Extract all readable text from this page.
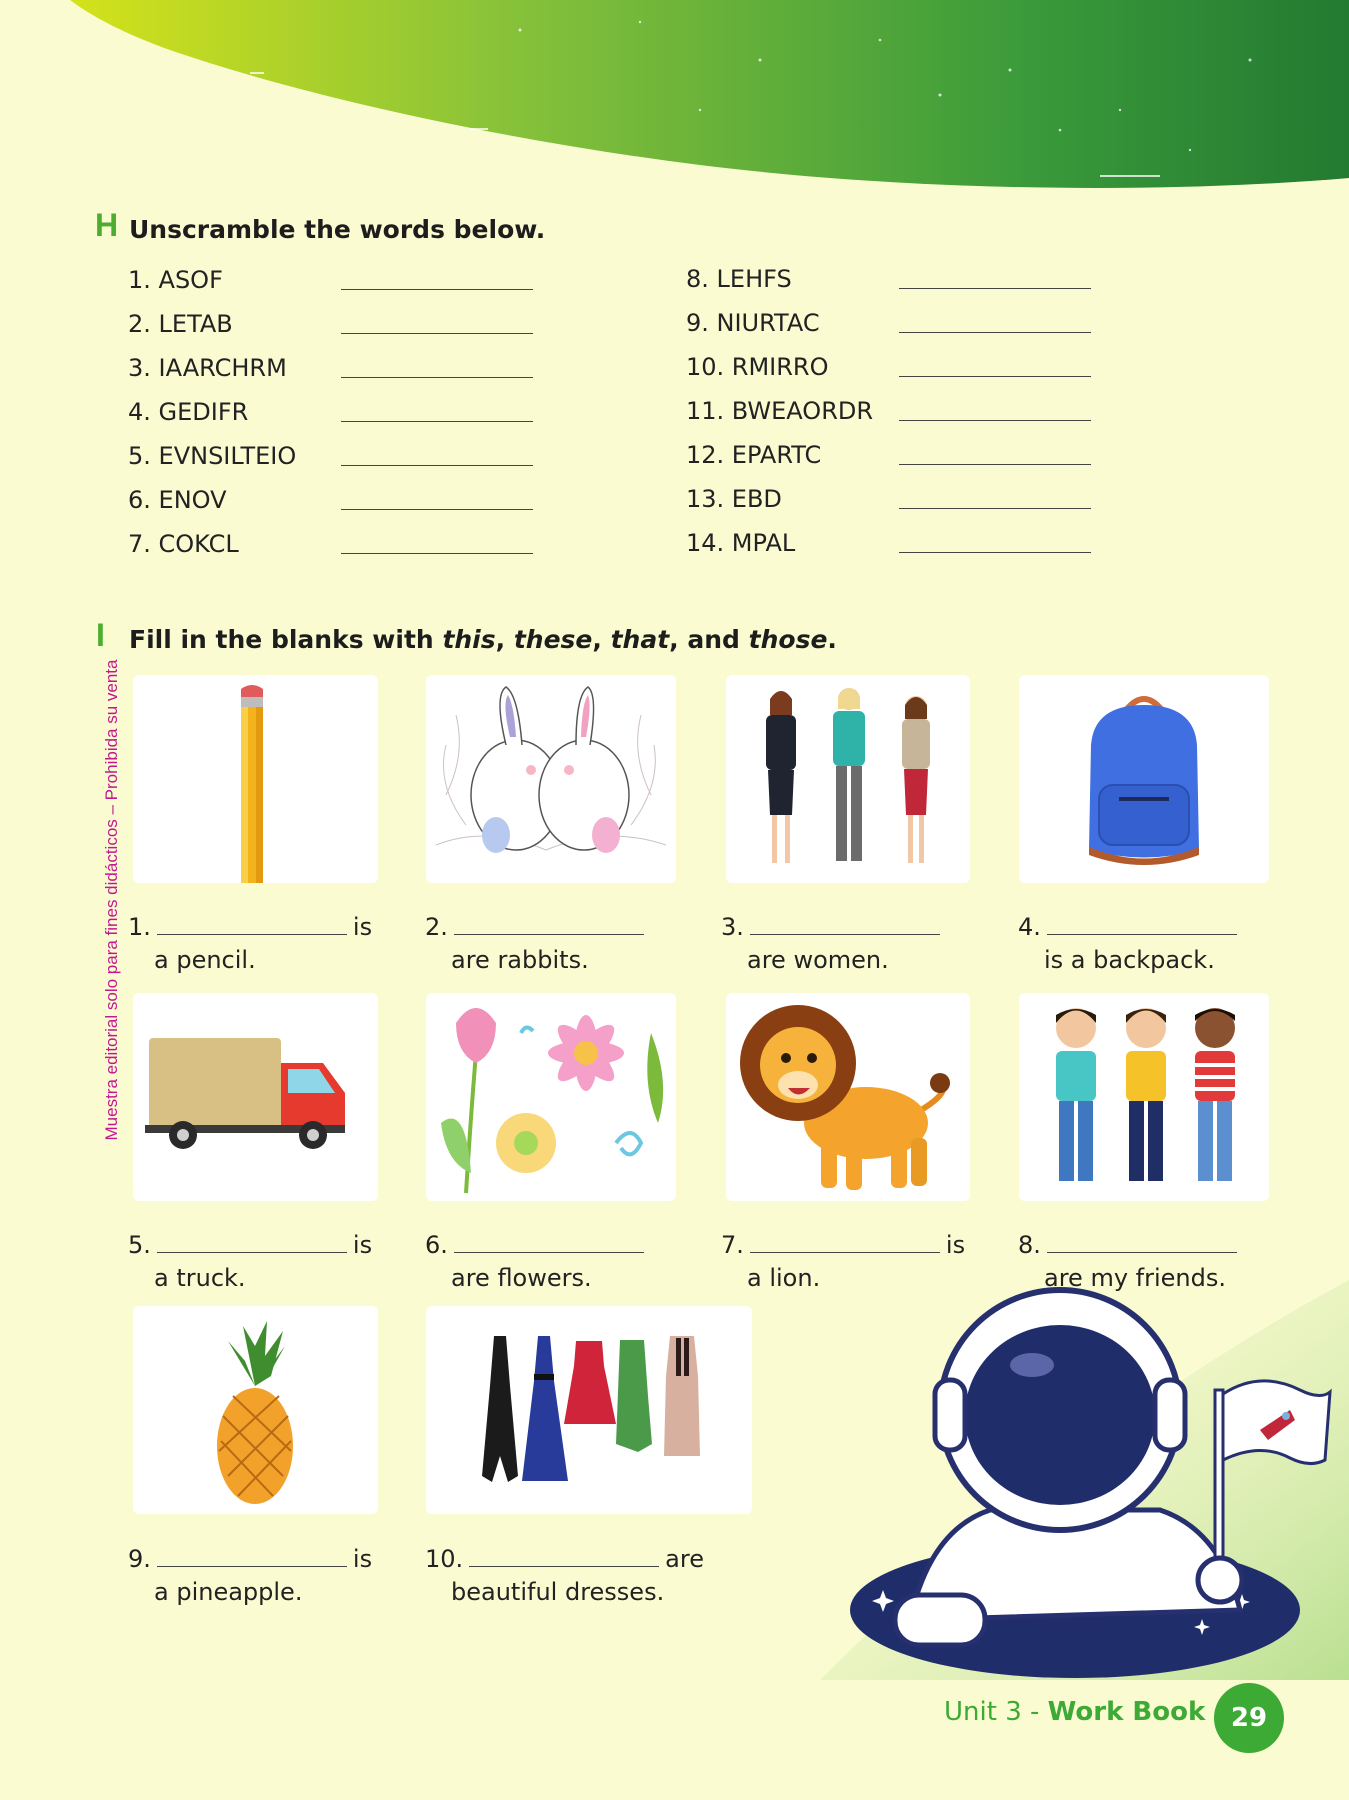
Muestra editorial solo para fines didácticos – Prohibida su venta
H Unscramble the words below.
1. ASOF
2. LETAB
3. IAARCHRM
4. GEDIFR
5. EVNSILTEIO
6. ENOV
7. COKCL
8. LEHFS
9. NIURTAC
10. RMIRRO
11. BWEAORDR
12. EPARTC
13. EBD
14. MPAL
I Fill in the blanks with this, these, that, and those.
1.	is
a pencil.
2.
are rabbits.
3.
are women.
4.
is a backpack.
5.	is
a truck.
6.
are flowers.
7.	is
a lion.
8.
are my friends.
9.	is
a pineapple.
10.	are
beautiful dresses.
Unit 3 - Work Book 29
